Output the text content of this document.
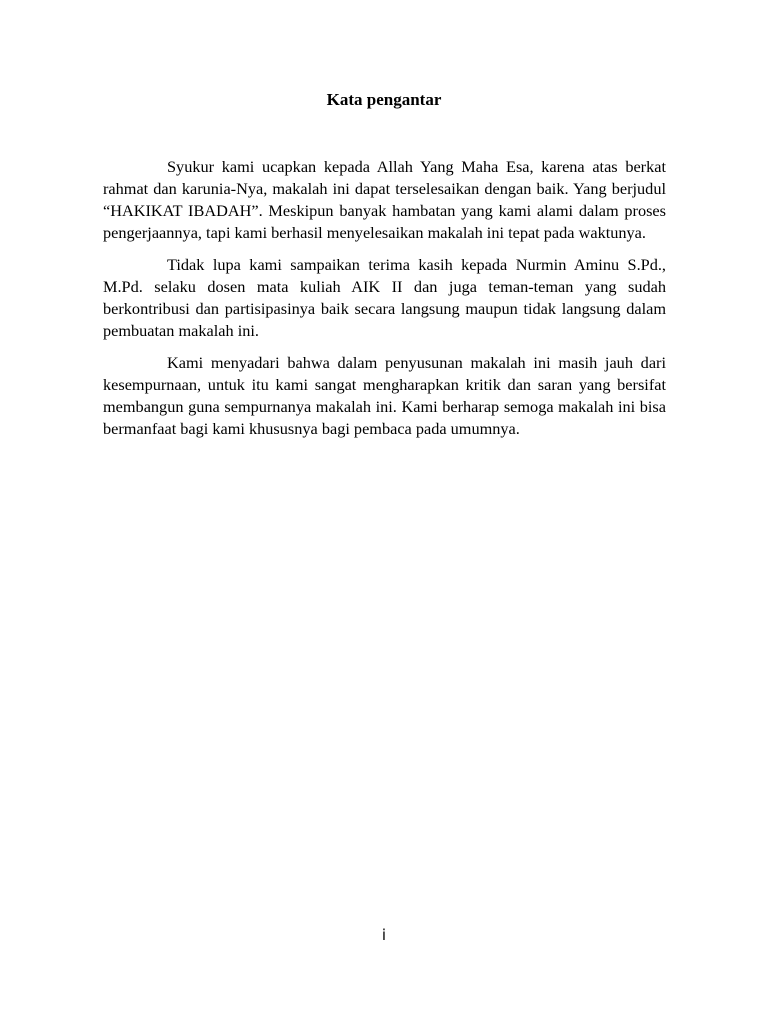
Kata pengantar

Syukur kami ucapkan kepada Allah Yang Maha Esa, karena atas berkat rahmat dan karunia-Nya, makalah ini dapat terselesaikan dengan baik. Yang berjudul “HAKIKAT IBADAH”. Meskipun banyak hambatan yang kami alami dalam proses pengerjaannya, tapi kami berhasil menyelesaikan makalah ini tepat pada waktunya.

Tidak lupa kami sampaikan terima kasih kepada Nurmin Aminu S.Pd., M.Pd. selaku dosen mata kuliah AIK II dan juga teman-teman yang sudah berkontribusi dan partisipasinya baik secara langsung maupun tidak langsung dalam pembuatan makalah ini.

Kami menyadari bahwa dalam penyusunan makalah ini masih jauh dari kesempurnaan, untuk itu kami sangat mengharapkan kritik dan saran yang bersifat membangun guna sempurnanya makalah ini. Kami berharap semoga makalah ini bisa bermanfaat bagi kami khususnya bagi pembaca pada umumnya.

i
